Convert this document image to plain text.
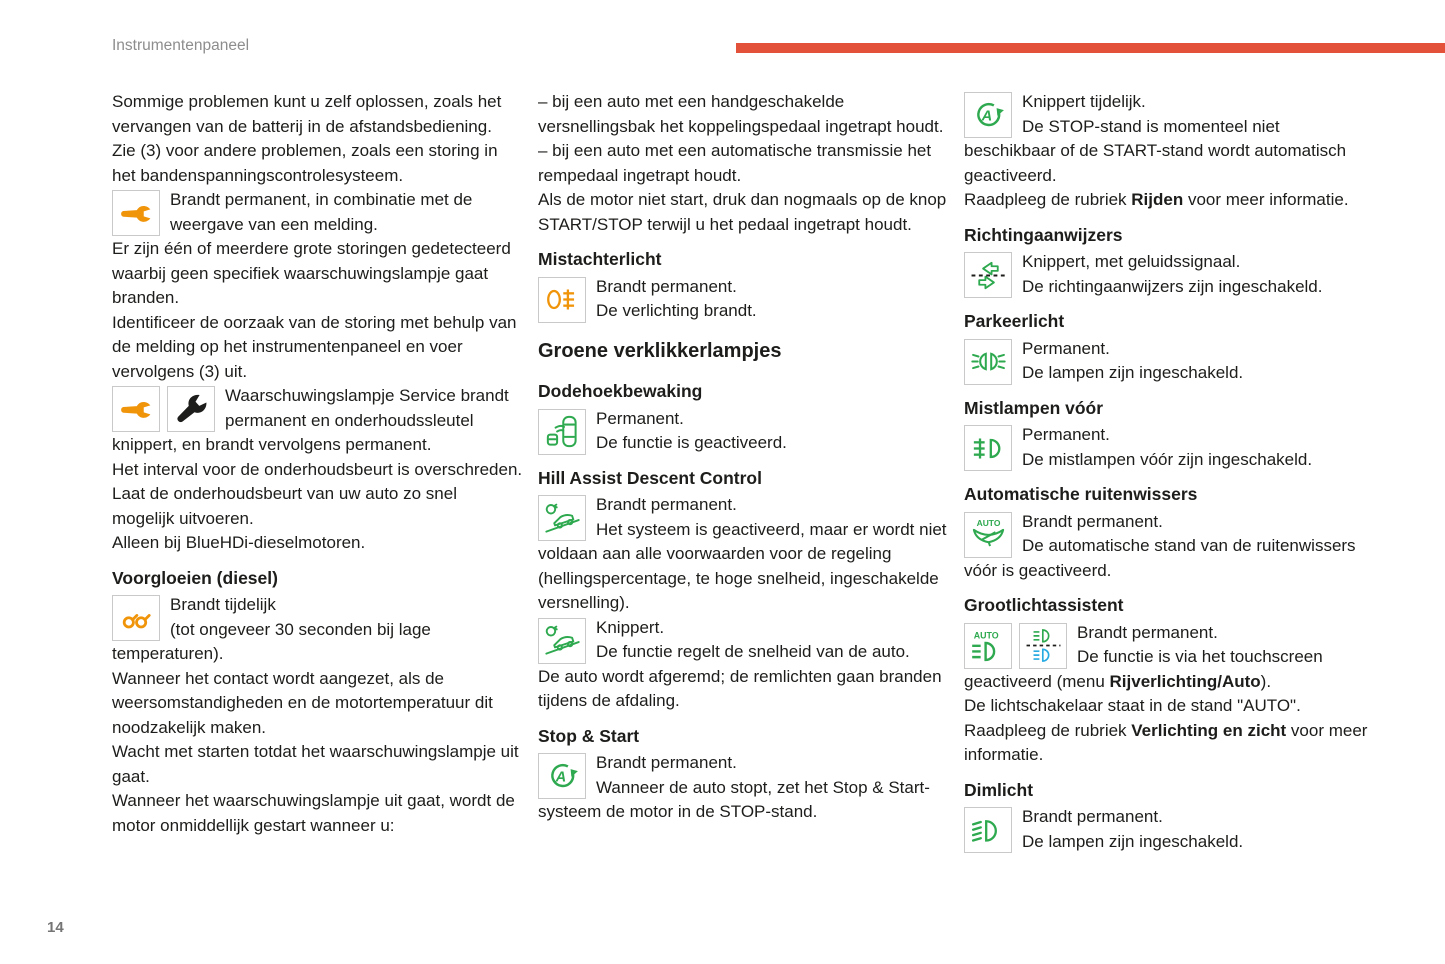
Instrumentenpaneel

Sommige problemen kunt u zelf oplossen, zoals het vervangen van de batterij in de afstandsbediening.

Zie (3) voor andere problemen, zoals een storing in het bandenspanningscontrolesysteem.

Brandt permanent, in combinatie met de weergave van een melding.

Er zijn één of meerdere grote storingen gedetecteerd waarbij geen specifiek waarschuwingslampje gaat branden.

Identificeer de oorzaak van de storing met behulp van de melding op het instrumentenpaneel en voer vervolgens (3) uit.

Waarschuwingslampje Service brandt permanent en onderhoudssleutel knippert, en brandt vervolgens permanent.

Het interval voor de onderhoudsbeurt is overschreden.

Laat de onderhoudsbeurt van uw auto zo snel mogelijk uitvoeren.

Alleen bij BlueHDi-dieselmotoren.

Voorgloeien (diesel)

Brandt tijdelijk

(tot ongeveer 30 seconden bij lage temperaturen).

Wanneer het contact wordt aangezet, als de weersomstandigheden en de motortemperatuur dit noodzakelijk maken.

Wacht met starten totdat het waarschuwingslampje uit gaat.

Wanneer het waarschuwingslampje uit gaat, wordt de motor onmiddellijk gestart wanneer u:

– bij een auto met een handgeschakelde versnellingsbak het koppelingspedaal ingetrapt houdt.

– bij een auto met een automatische transmissie het rempedaal ingetrapt houdt.

Als de motor niet start, druk dan nogmaals op de knop START/STOP terwijl u het pedaal ingetrapt houdt.

Mistachterlicht

Brandt permanent.

De verlichting brandt.

Groene verklikkerlampjes
Dodehoekbewaking

Permanent.

De functie is geactiveerd.

Hill Assist Descent Control

Brandt permanent.

Het systeem is geactiveerd, maar er wordt niet voldaan aan alle voorwaarden voor de regeling (hellingspercentage, te hoge snelheid, ingeschakelde versnelling).

Knippert.

De functie regelt de snelheid van de auto.

De auto wordt afgeremd; de remlichten gaan branden tijdens de afdaling.

Stop & Start

Brandt permanent.

Wanneer de auto stopt, zet het Stop & Start-systeem de motor in de STOP-stand.

Knippert tijdelijk.

De STOP-stand is momenteel niet beschikbaar of de START-stand wordt automatisch geactiveerd.

Raadpleeg de rubriek Rijden voor meer informatie.

Richtingaanwijzers

Knippert, met geluidssignaal.

De richtingaanwijzers zijn ingeschakeld.

Parkeerlicht

Permanent.

De lampen zijn ingeschakeld.

Mistlampen vóór

Permanent.

De mistlampen vóór zijn ingeschakeld.

Automatische ruitenwissers

Brandt permanent.

De automatische stand van de ruitenwissers vóór is geactiveerd.

Grootlichtassistent

Brandt permanent.

De functie is via het touchscreen geactiveerd (menu Rijverlichting/Auto).

De lichtschakelaar staat in de stand "AUTO".

Raadpleeg de rubriek Verlichting en zicht voor meer informatie.

Dimlicht

Brandt permanent.

De lampen zijn ingeschakeld.

14
